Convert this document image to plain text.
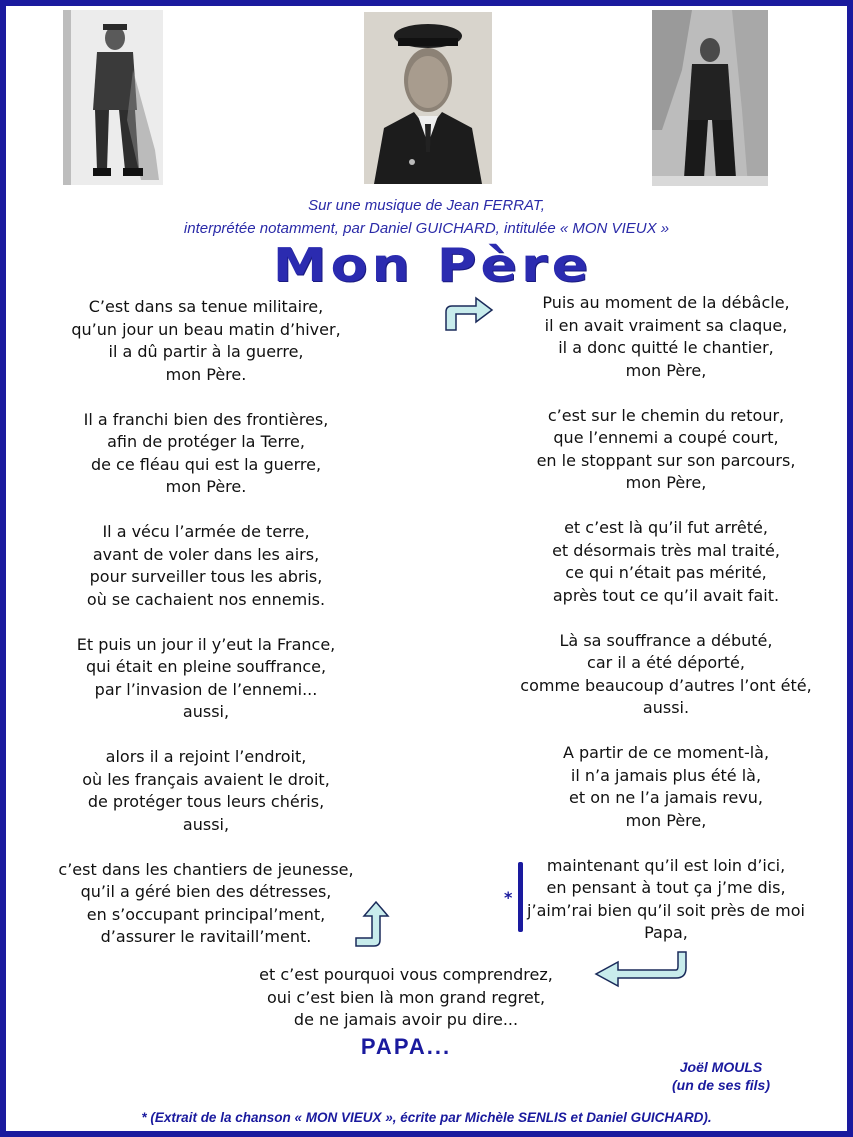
Sur une musique de Jean FERRAT,
interprétée notamment, par Daniel GUICHARD, intitulée « MON VIEUX »
Mon Père
C’est dans sa tenue militaire,
qu’un jour un beau matin d’hiver,
il a dû partir à la guerre,
mon Père.
Il a franchi bien des frontières,
afin de protéger la Terre,
de ce fléau qui est la guerre,
mon Père.
Il a vécu l’armée de terre,
avant de voler dans les airs,
pour surveiller tous les abris,
où se cachaient nos ennemis.
Et puis un jour il y’eut la France,
qui était en pleine souffrance,
par l’invasion de l’ennemi...
aussi,
alors il a rejoint l’endroit,
où les français avaient le droit,
de protéger tous leurs chéris,
aussi,
c’est dans les chantiers de jeunesse,
qu’il a géré bien des détresses,
en s’occupant principal’ment,
d’assurer le ravitaill’ment.
Puis au moment de la débâcle,
il en avait vraiment sa claque,
il a donc quitté le chantier,
mon Père,
c’est sur le chemin du retour,
que l’ennemi a coupé court,
en le stoppant sur son parcours,
mon Père,
et c’est là qu’il fut arrêté,
et désormais très mal traité,
ce qui n’était pas mérité,
après tout ce qu’il avait fait.
Là sa souffrance a débuté,
car il a été déporté,
comme beaucoup d’autres l’ont été,
aussi.
A partir de ce moment-là,
il n’a jamais plus été là,
et on ne l’a jamais revu,
mon Père,
maintenant qu’il est loin d’ici,
en pensant à tout ça j’me dis,
j’aim’rai bien qu’il soit près de moi
Papa,
*
et c’est pourquoi vous comprendrez,
oui c’est bien là mon grand regret,
de ne jamais avoir pu dire...
PAPA...
Joël MOULS
(un de ses fils)
* (Extrait de la chanson « MON VIEUX », écrite par Michèle SENLIS et Daniel GUICHARD).
